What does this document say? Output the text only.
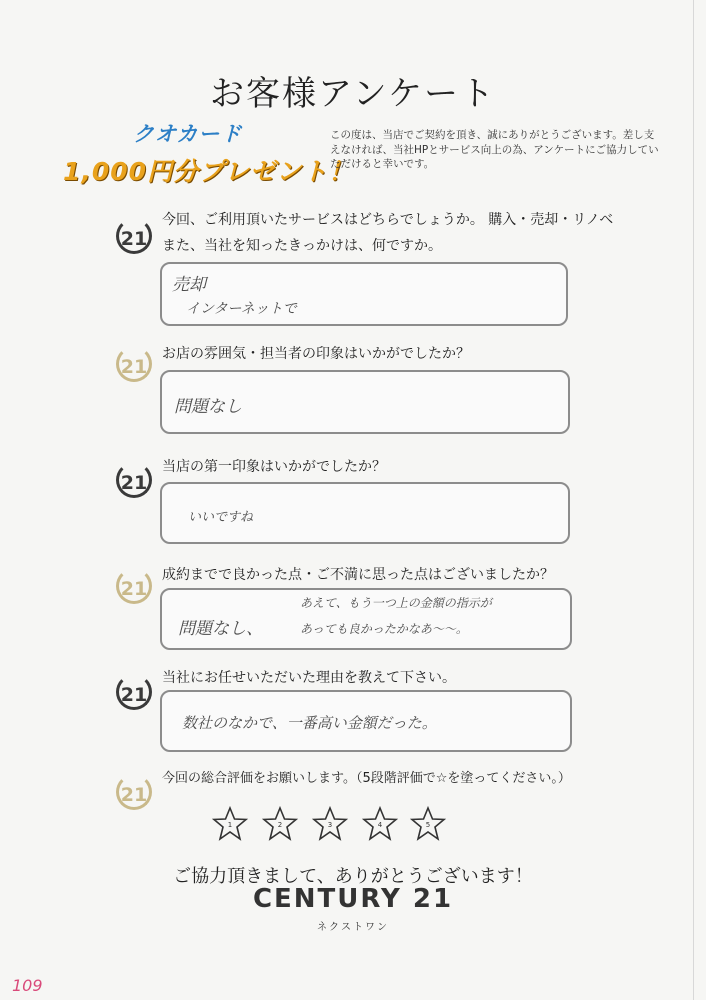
お客様アンケート
クオカード
1,000円分プレゼント！
この度は、当店でご契約を頂き、誠にありがとうございます。差し支えなければ、当社HPとサービス向上の為、アンケートにご協力していただけると幸いです。
21
今回、ご利用頂いたサービスはどちらでしょうか。 購入・売却・リノベ
また、当社を知ったきっかけは、何ですか。
売却
インターネットで
21
お店の雰囲気・担当者の印象はいかがでしたか？
問題なし
21
当店の第一印象はいかがでしたか？
いいですね
21
成約までで良かった点・ご不満に思った点はございましたか？
問題なし、
あえて、もう一つ上の金額の指示が
あっても良かったかなあ～～。
21
当社にお任せいただいた理由を教えて下さい。
数社のなかで、一番高い金額だった。
21
今回の総合評価をお願いします。（5段階評価で☆を塗ってください。）
1	2	3	4	5
ご協力頂きまして、ありがとうございます！
CENTURY 21
ネクストワン
109
